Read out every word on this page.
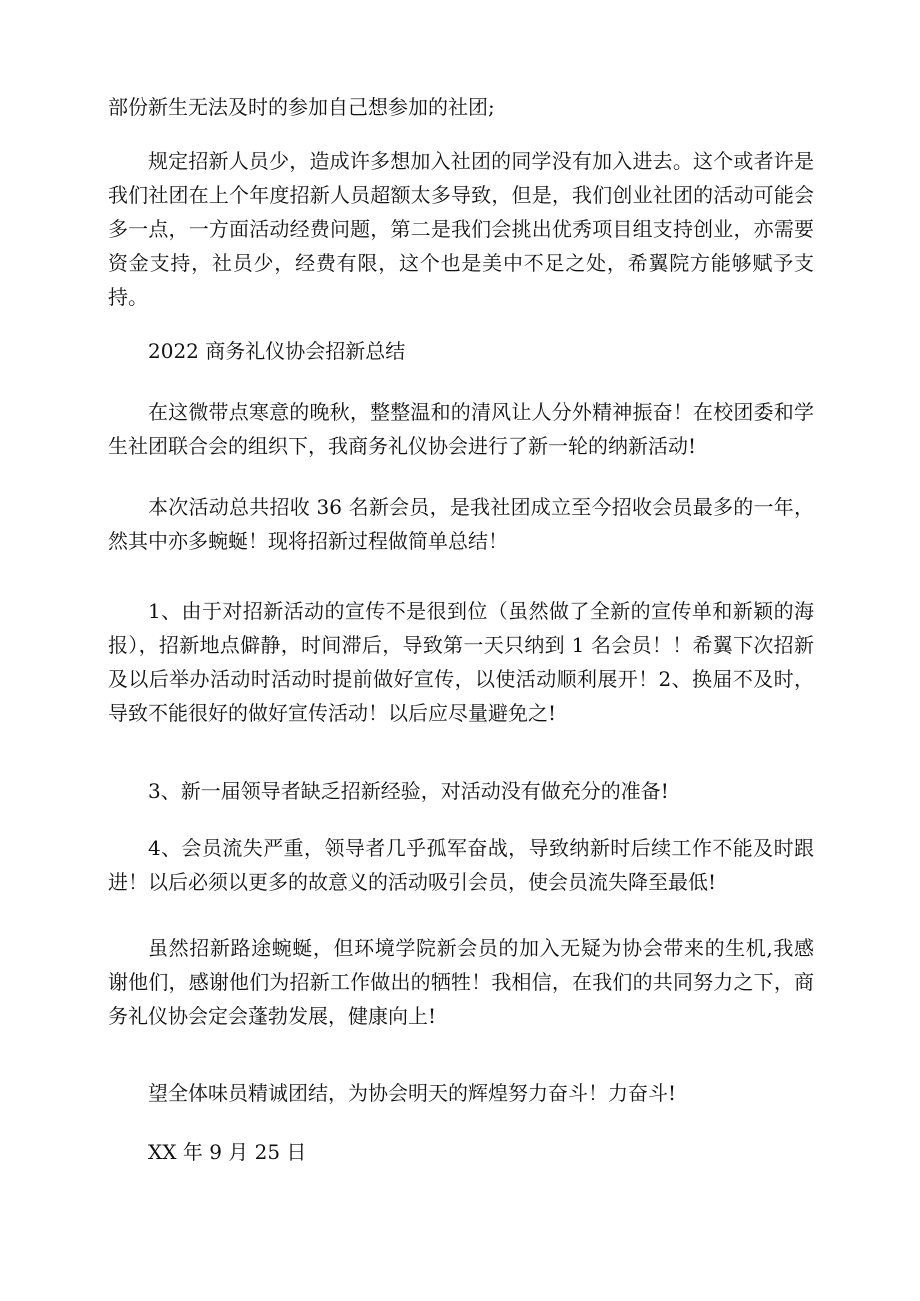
部份新生无法及时的参加自己想参加的社团;

规定招新人员少，造成许多想加入社团的同学没有加入进去。这个或者许是我们社团在上个年度招新人员超额太多导致，但是，我们创业社团的活动可能会多一点，一方面活动经费问题，第二是我们会挑出优秀项目组支持创业，亦需要资金支持，社员少，经费有限，这个也是美中不足之处，希翼院方能够赋予支持。

2022 商务礼仪协会招新总结

在这微带点寒意的晚秋，整整温和的清风让人分外精神振奋！在校团委和学生社团联合会的组织下，我商务礼仪协会进行了新一轮的纳新活动!

本次活动总共招收 36 名新会员，是我社团成立至今招收会员最多的一年，然其中亦多蜿蜒！现将招新过程做简单总结！

1、由于对招新活动的宣传不是很到位（虽然做了全新的宣传单和新颖的海报），招新地点僻静，时间滞后，导致第一天只纳到 1 名会员！！希翼下次招新及以后举办活动时活动时提前做好宣传，以使活动顺利展开！2、换届不及时，导致不能很好的做好宣传活动！以后应尽量避免之!

3、新一届领导者缺乏招新经验，对活动没有做充分的准备!

4、会员流失严重，领导者几乎孤军奋战，导致纳新时后续工作不能及时跟进！以后必须以更多的故意义的活动吸引会员，使会员流失降至最低!

虽然招新路途蜿蜒，但环境学院新会员的加入无疑为协会带来的生机,我感谢他们，感谢他们为招新工作做出的牺牲！我相信，在我们的共同努力之下，商务礼仪协会定会蓬勃发展，健康向上!

望全体味员精诚团结，为协会明天的辉煌努力奋斗！力奋斗!

XX 年 9 月 25 日
